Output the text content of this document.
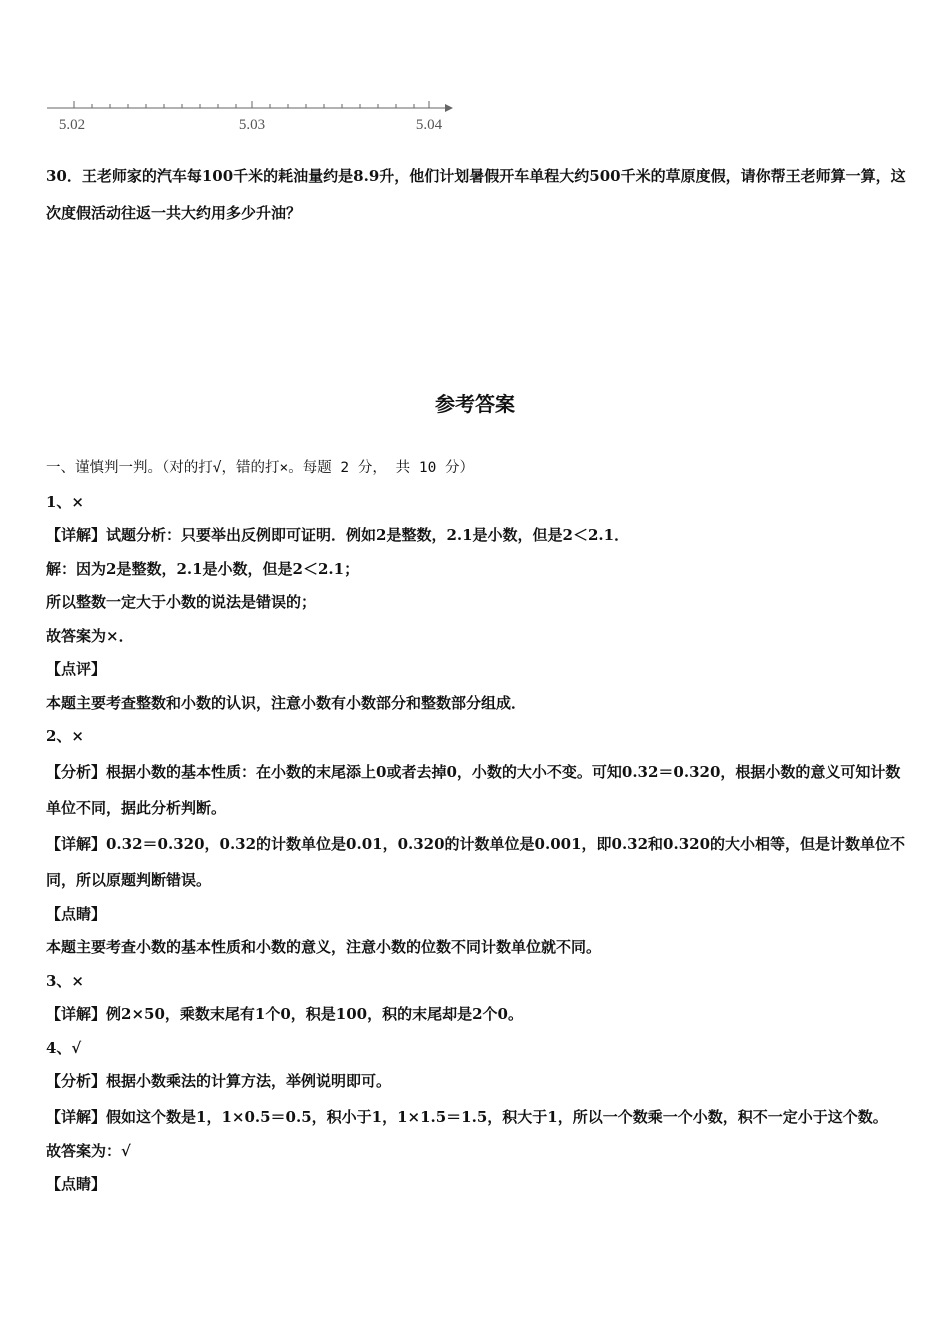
5.02	5.03	5.04
30．王老师家的汽车每100千米的耗油量约是8.9升，他们计划暑假开车单程大约500千米的草原度假，请你帮王老师算一算，这次度假活动往返一共大约用多少升油？
参考答案
一、谨慎判一判。（对的打√，错的打×。每题 2 分， 共 10 分）
1、×
【详解】试题分析：只要举出反例即可证明．例如2是整数，2.1是小数，但是2＜2.1．
解：因为2是整数，2.1是小数，但是2＜2.1；
所以整数一定大于小数的说法是错误的；
故答案为×．
【点评】
本题主要考查整数和小数的认识，注意小数有小数部分和整数部分组成．
2、×
【分析】根据小数的基本性质：在小数的末尾添上0或者去掉0，小数的大小不变。可知0.32＝0.320，根据小数的意义可知计数单位不同，据此分析判断。
【详解】0.32＝0.320，0.32的计数单位是0.01，0.320的计数单位是0.001，即0.32和0.320的大小相等，但是计数单位不同，所以原题判断错误。
【点睛】
本题主要考查小数的基本性质和小数的意义，注意小数的位数不同计数单位就不同。
3、×
【详解】例2×50，乘数末尾有1个0，积是100，积的末尾却是2个0。
4、√
【分析】根据小数乘法的计算方法，举例说明即可。
【详解】假如这个数是1，1×0.5＝0.5，积小于1，1×1.5＝1.5，积大于1，所以一个数乘一个小数，积不一定小于这个数。
故答案为：√
【点睛】
